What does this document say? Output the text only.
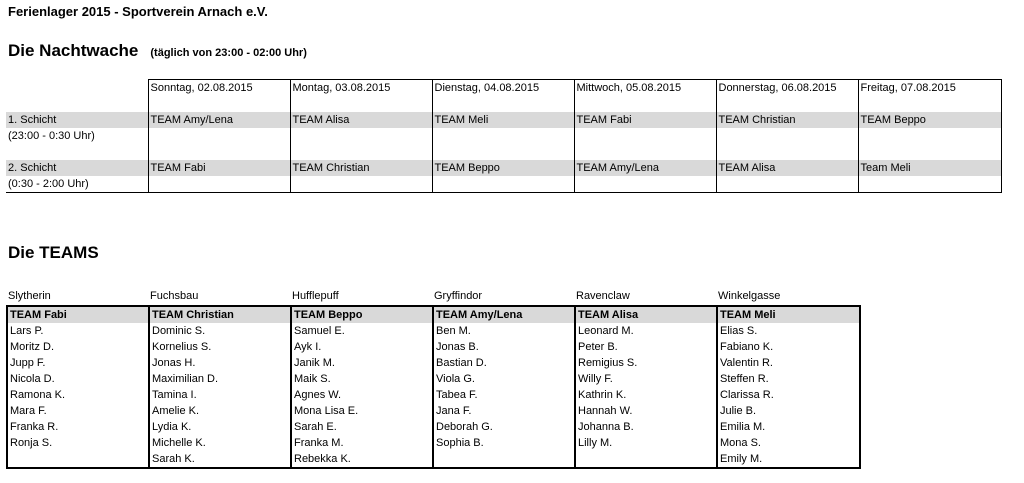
Ferienlager 2015 - Sportverein Arnach e.V.
Die Nachtwache (täglich von 23:00 - 02:00 Uhr)
	Sonntag, 02.08.2015	Montag, 03.08.2015	Dienstag, 04.08.2015	Mittwoch, 05.08.2015	Donnerstag, 06.08.2015	Freitag, 07.08.2015

1. Schicht	TEAM Amy/Lena	TEAM Alisa	TEAM Meli	TEAM Fabi	TEAM Christian	TEAM Beppo
(23:00 - 0:30 Uhr)						

2. Schicht	TEAM Fabi	TEAM Christian	TEAM Beppo	TEAM Amy/Lena	TEAM Alisa	Team Meli
(0:30 - 2:00 Uhr)						
Die TEAMS
Slytherin	Fuchsbau	Hufflepuff	Gryffindor	Ravenclaw	Winkelgasse
TEAM Fabi	TEAM Christian	TEAM Beppo	TEAM Amy/Lena	TEAM Alisa	TEAM Meli
Lars P.	Dominic S.	Samuel E.	Ben M.	Leonard M.	Elias S.
Moritz D.	Kornelius S.	Ayk I.	Jonas B.	Peter B.	Fabiano K.
Jupp F.	Jonas H.	Janik M.	Bastian D.	Remigius S.	Valentin R.
Nicola D.	Maximilian D.	Maik S.	Viola G.	Willy F.	Steffen R.
Ramona K.	Tamina I.	Agnes W.	Tabea F.	Kathrin K.	Clarissa R.
Mara F.	Amelie K.	Mona Lisa E.	Jana F.	Hannah W.	Julie B.
Franka R.	Lydia K.	Sarah E.	Deborah G.	Johanna B.	Emilia M.
Ronja S.	Michelle K.	Franka M.	Sophia B.	Lilly M.	Mona S.
	Sarah K.	Rebekka K.			Emily M.
